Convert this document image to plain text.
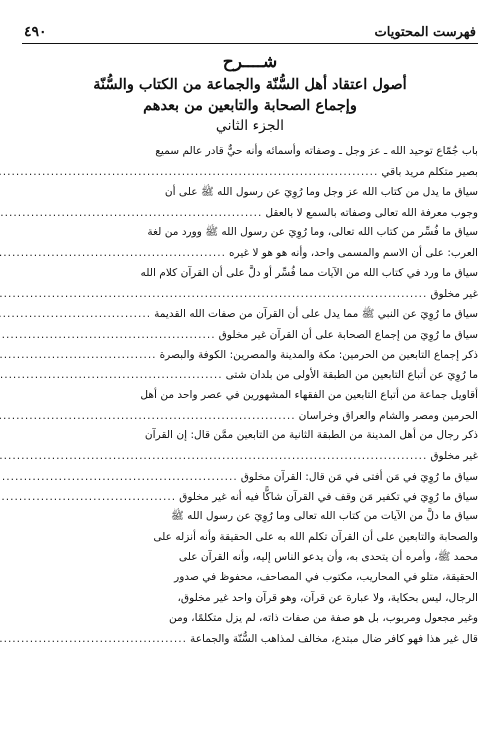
فهرست المحتويات
٤٩٠
شــــرح
أصول اعتقاد أهل السُّنّة والجماعة من الكتاب والسُّنّة
وإجماع الصحابة والتابعين من بعدهم
الجزء الثاني
باب جُمّاع توحيد الله ـ عز وجل ـ وصفاته وأسمائه وأنه حيٌّ قادر عالم سميع
بصير متكلم مريد باقي
.....
سياق ما يدل من كتاب الله عز وجل وما رُوِيَ عن رسول الله ﷺ على أن
وجوب معرفة الله تعالى وصفاته بالسمع لا بالعقل
.....
سياق ما فُسِّر من كتاب الله تعالى، وما رُوِيَ عن رسول الله ﷺ وورد من لغة
العرب: على أن الاسم والمسمى واحد، وأنه هو هو لا غيره
.....
سياق ما ورد في كتاب الله من الآيات مما فُسِّر أو دلَّ على أن القرآن كلام الله
غير مخلوق
.....
سياق ما رُوِيَ عن النبي ﷺ مما يدل على أن القرآن من صفات الله القديمة
.....
سياق ما رُوِيَ من إجماع الصحابة على أن القرآن غير مخلوق
.....
ذكر إجماع التابعين من الحرمين: مكة والمدينة والمصرين: الكوفة والبصرة
.....
ما رُوِيَ عن أتباع التابعين من الطبقة الأولى من بلدان شتى
.....
أقاويل جماعة من أتباع التابعين من الفقهاء المشهورين في عصر واحد من أهل
الحرمين ومصر والشام والعراق وخراسان
.....
ذكر رجال من أهل المدينة من الطبقة الثانية من التابعين ممَّن قال: إن القرآن
غير مخلوق
.....
سياق ما رُوِيَ في مَن أفتى في مَن قال: القرآن مخلوق
.....
سياق ما رُوِيَ في تكفير مَن وقف في القرآن شاكًّا فيه أنه غير مخلوق
.....
سياق ما دلَّ من الآيات من كتاب الله تعالى وما رُوِيَ عن رسول الله ﷺ
والصحابة والتابعين على أن القرآن تكلم الله به على الحقيقة وأنه أنزله على
محمد ﷺ، وأمره أن يتحدى به، وأن يدعو الناس إليه، وأنه القرآن على
الحقيقة، متلو في المحاريب، مكتوب في المصاحف، محفوظ في صدور
الرجال، ليس بحكاية، ولا عبارة عن قرآن، وهو قرآن واحد غير مخلوق،
وغير مجعول ومربوب، بل هو صفة من صفات ذاته، لم يزل متكلمًا، ومن
قال غير هذا فهو كافر ضال مبتدع، مخالف لمذاهب السُّنّة والجماعة
.....
